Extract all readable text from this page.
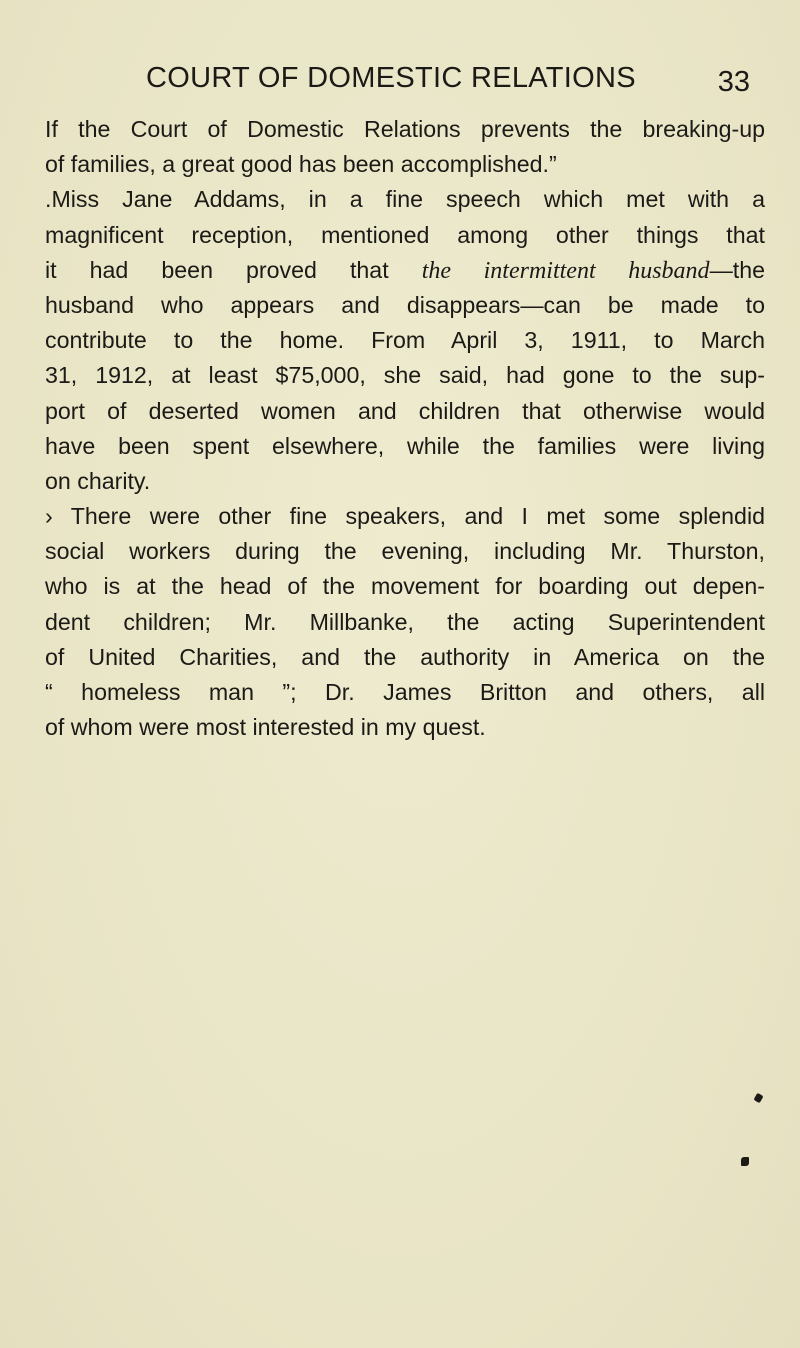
COURT OF DOMESTIC RELATIONS	33
If the Court of Domestic Relations prevents the breaking-up
of families, a great good has been accomplished.”
.Miss Jane Addams, in a fine speech which met with a
magnificent reception, mentioned among other things that
it had been proved that the intermittent husband—the
husband who appears and disappears—can be made to
contribute to the home. From April 3, 1911, to March
31, 1912, at least $75,000, she said, had gone to the sup-
port of deserted women and children that otherwise would
have been spent elsewhere, while the families were living
on charity.
› There were other fine speakers, and I met some splendid
social workers during the evening, including Mr. Thurston,
who is at the head of the movement for boarding out depen-
dent children; Mr. Millbanke, the acting Superintendent
of United Charities, and the authority in America on the
“ homeless man ”; Dr. James Britton and others, all
of whom were most interested in my quest.
